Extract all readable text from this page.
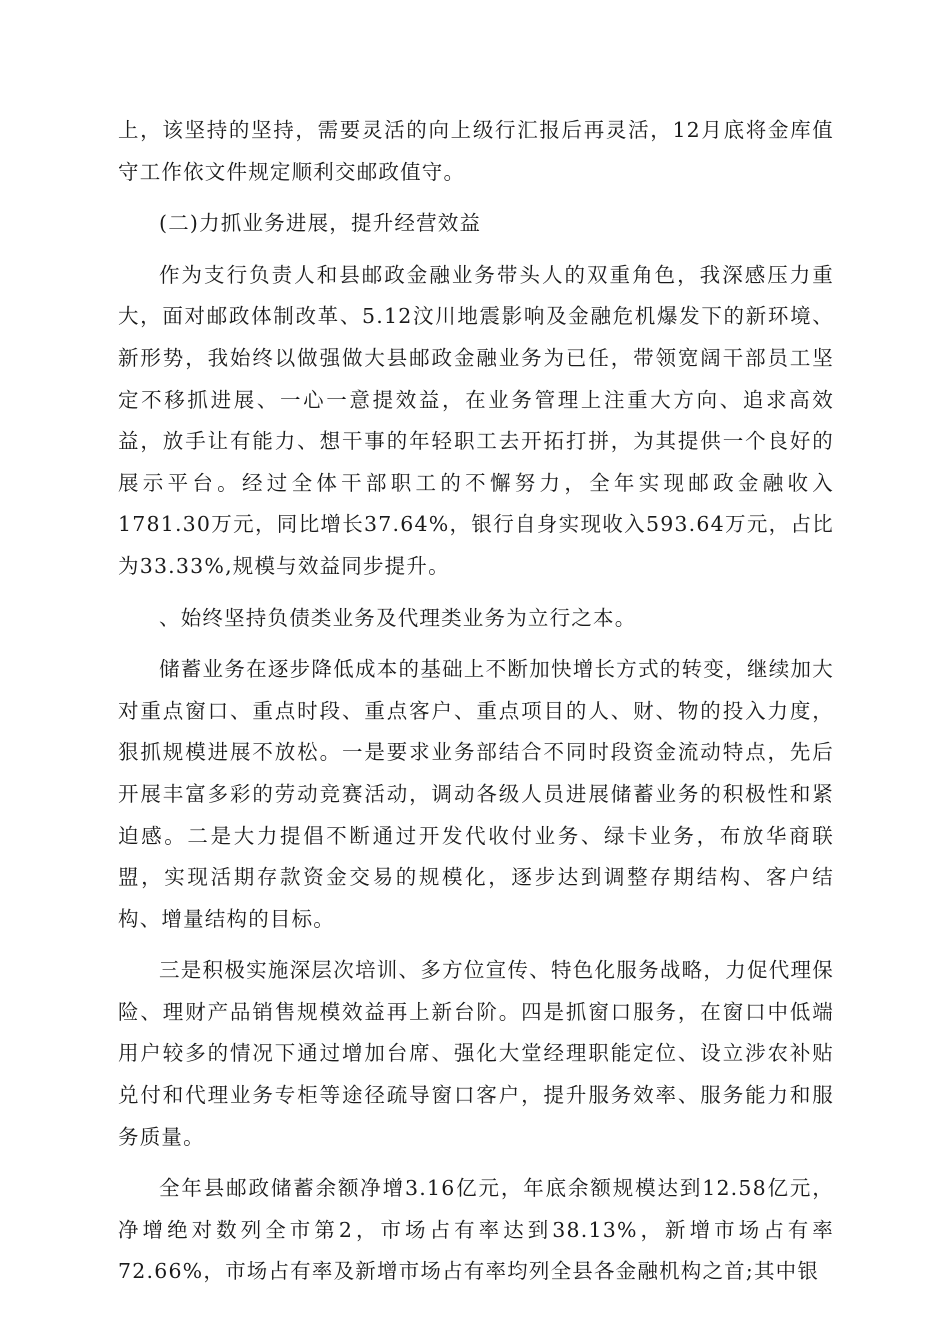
上，该坚持的坚持，需要灵活的向上级行汇报后再灵活，12月底将金库值守工作依文件规定顺利交邮政值守。

(二)力抓业务进展，提升经营效益

作为支行负责人和县邮政金融业务带头人的双重角色，我深感压力重大，面对邮政体制改革、5.12汶川地震影响及金融危机爆发下的新环境、新形势，我始终以做强做大县邮政金融业务为已任，带领宽阔干部员工坚定不移抓进展、一心一意提效益，在业务管理上注重大方向、追求高效益，放手让有能力、想干事的年轻职工去开拓打拼，为其提供一个良好的展示平台。经过全体干部职工的不懈努力，全年实现邮政金融收入1781.30万元，同比增长37.64%，银行自身实现收入593.64万元，占比为33.33%,规模与效益同步提升。

、始终坚持负债类业务及代理类业务为立行之本。

储蓄业务在逐步降低成本的基础上不断加快增长方式的转变，继续加大对重点窗口、重点时段、重点客户、重点项目的人、财、物的投入力度，狠抓规模进展不放松。一是要求业务部结合不同时段资金流动特点，先后开展丰富多彩的劳动竞赛活动，调动各级人员进展储蓄业务的积极性和紧迫感。二是大力提倡不断通过开发代收付业务、绿卡业务，布放华商联盟，实现活期存款资金交易的规模化，逐步达到调整存期结构、客户结构、增量结构的目标。

三是积极实施深层次培训、多方位宣传、特色化服务战略，力促代理保险、理财产品销售规模效益再上新台阶。四是抓窗口服务，在窗口中低端用户较多的情况下通过增加台席、强化大堂经理职能定位、设立涉农补贴兑付和代理业务专柜等途径疏导窗口客户，提升服务效率、服务能力和服务质量。

全年县邮政储蓄余额净增3.16亿元，年底余额规模达到12.58亿元，净增绝对数列全市第2，市场占有率达到38.13%，新增市场占有率72.66%，市场占有率及新增市场占有率均列全县各金融机构之首;其中银
